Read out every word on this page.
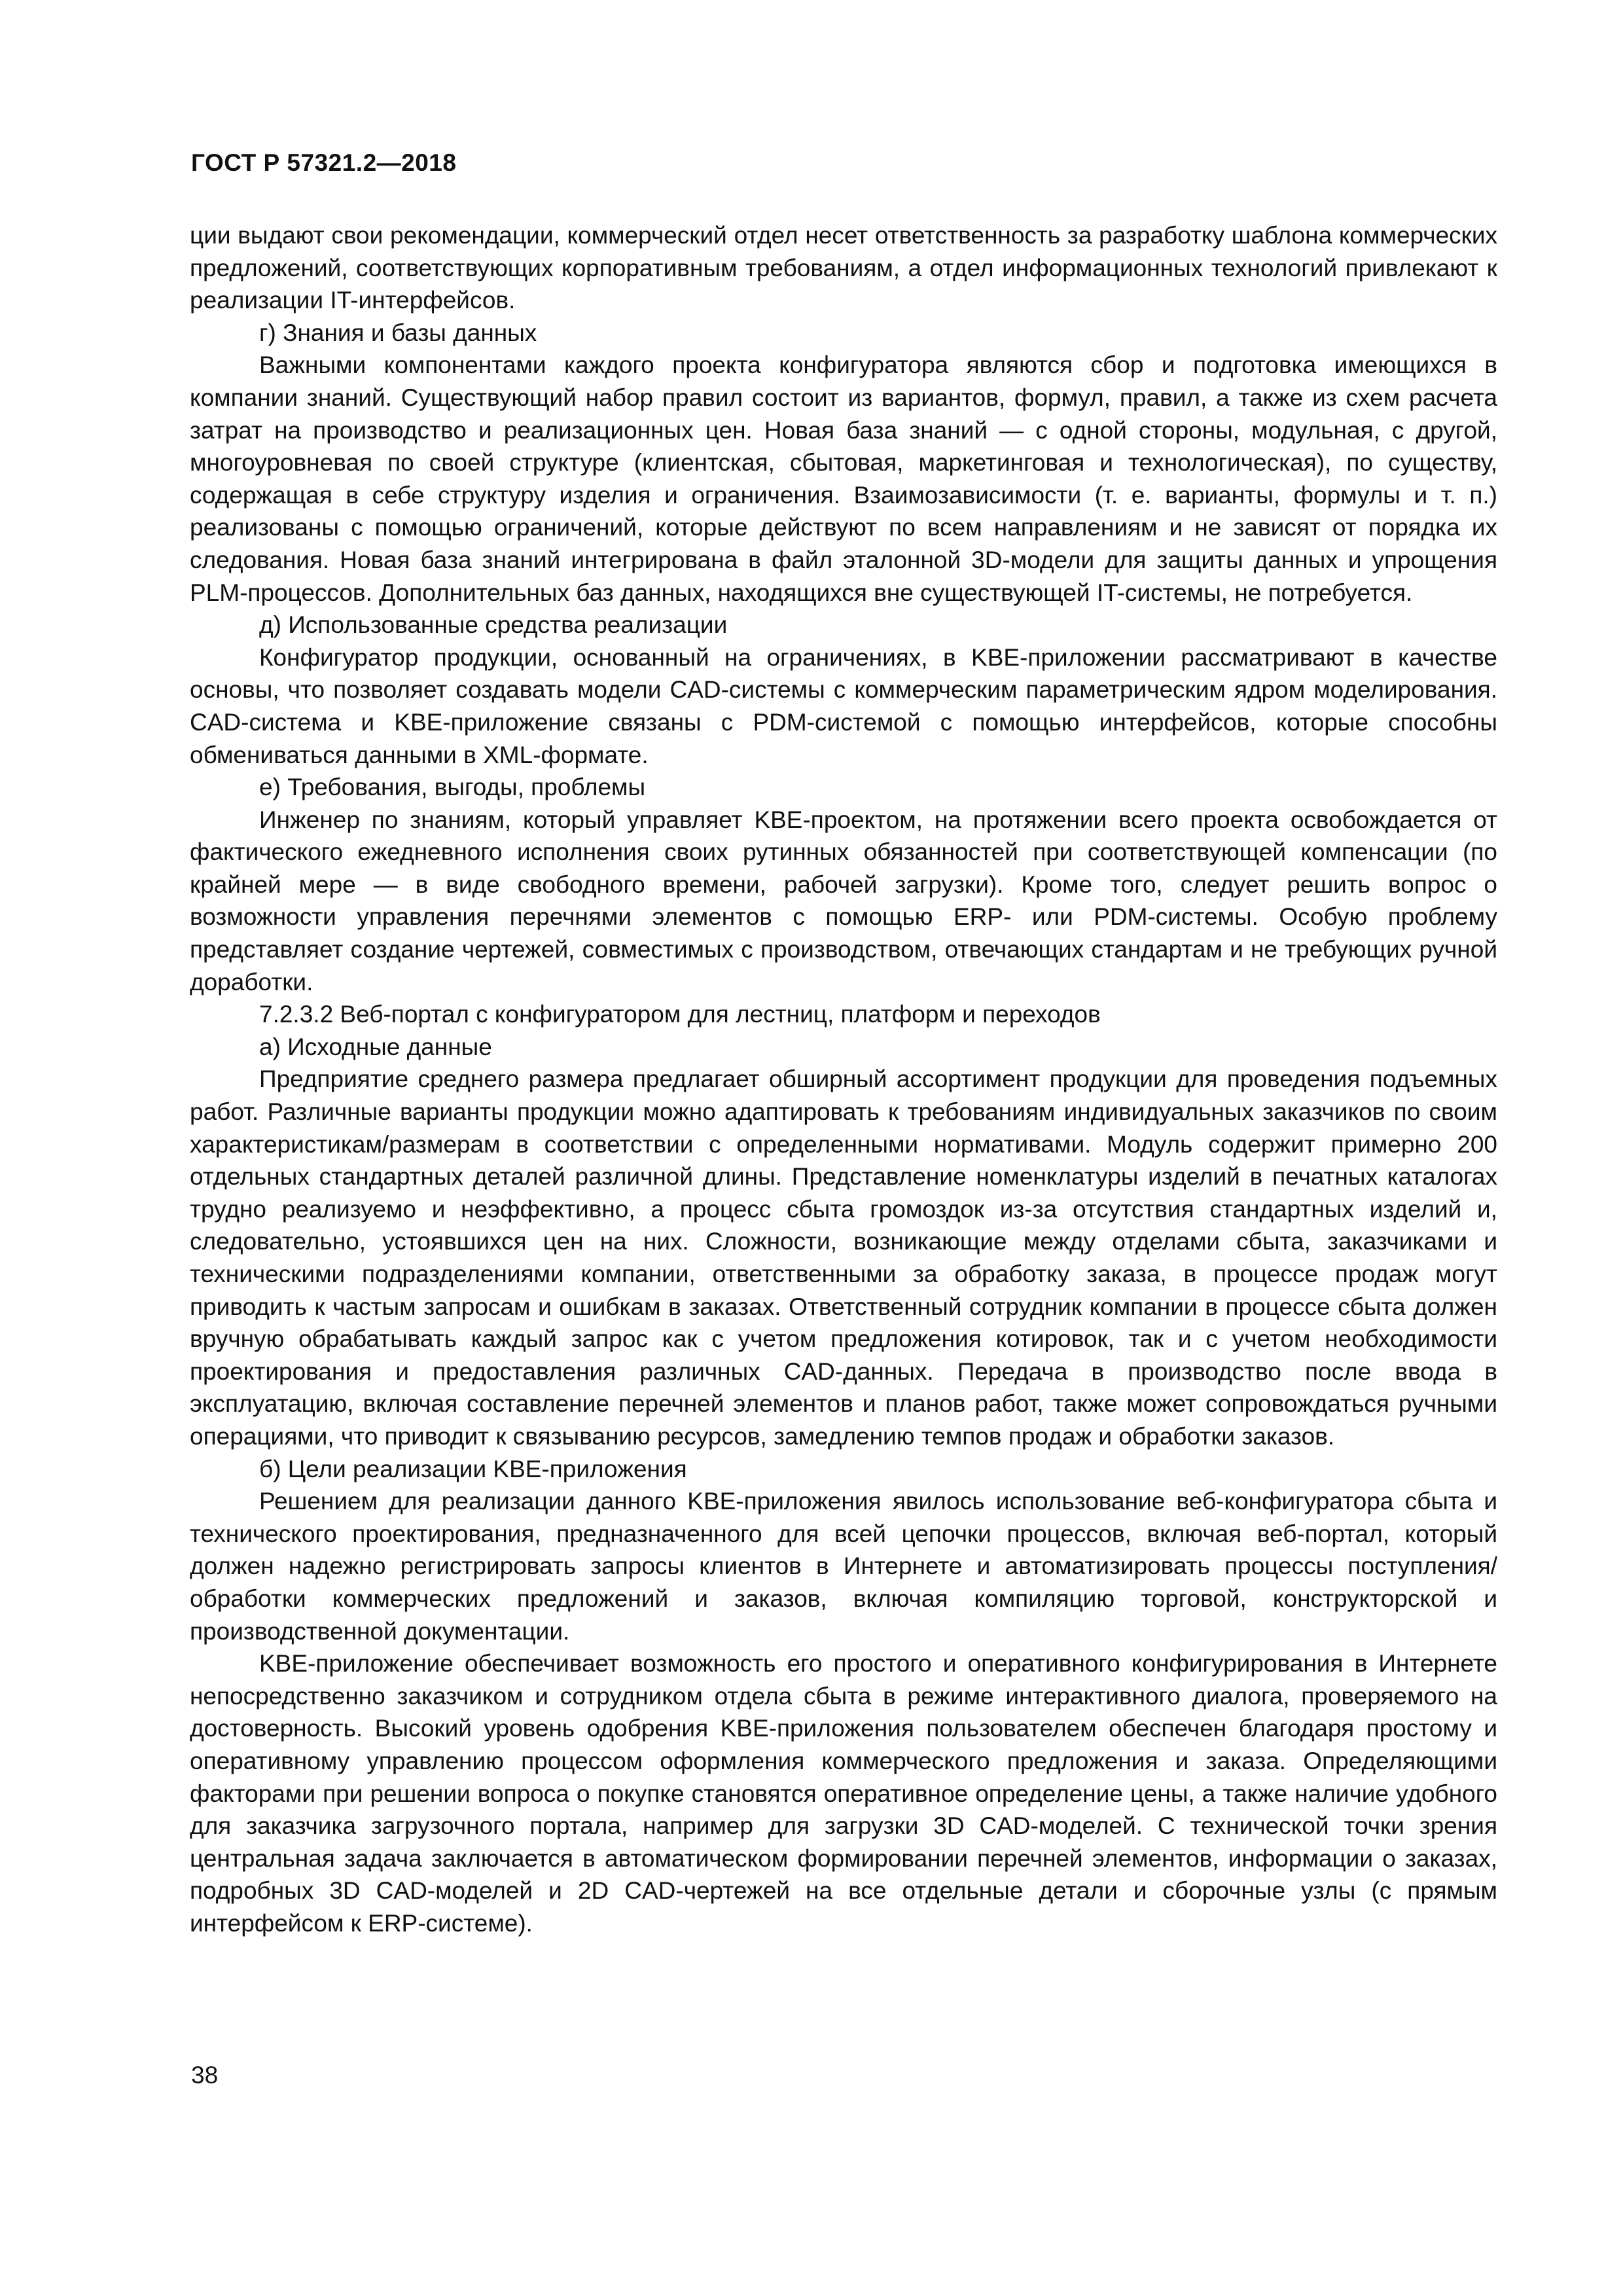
ГОСТ Р 57321.2—2018

ции выдают свои рекомендации, коммерческий отдел несет ответственность за разработку шаблона коммерческих предложений, соответствующих корпоративным требованиям, а отдел информационных технологий привлекают к реализации IT-интерфейсов.

г) Знания и базы данных

Важными компонентами каждого проекта конфигуратора являются сбор и подготовка имеющихся в компании знаний. Существующий набор правил состоит из вариантов, формул, правил, а также из схем расчета затрат на производство и реализационных цен. Новая база знаний — с одной стороны, модульная, с другой, многоуровневая по своей структуре (клиентская, сбытовая, маркетинговая и технологическая), по существу, содержащая в себе структуру изделия и ограничения. Взаимозависимости (т. е. варианты, формулы и т. п.) реализованы с помощью ограничений, которые действуют по всем направлениям и не зависят от порядка их следования. Новая база знаний интегрирована в файл эталонной 3D-модели для защиты данных и упрощения PLM-процессов. Дополнительных баз данных, находящихся вне существующей IT-системы, не потребуется.

д) Использованные средства реализации

Конфигуратор продукции, основанный на ограничениях, в KBE-приложении рассматривают в качестве основы, что позволяет создавать модели CAD-системы с коммерческим параметрическим ядром моделирования. CAD-система и KBE-приложение связаны с PDM-системой с помощью интерфейсов, которые способны обмениваться данными в XML-формате.

е) Требования, выгоды, проблемы

Инженер по знаниям, который управляет KBE-проектом, на протяжении всего проекта освобождается от фактического ежедневного исполнения своих рутинных обязанностей при соответствующей компенсации (по крайней мере — в виде свободного времени, рабочей загрузки). Кроме того, следует решить вопрос о возможности управления перечнями элементов с помощью ERP- или PDM-системы. Особую проблему представляет создание чертежей, совместимых с производством, отвечающих стандартам и не требующих ручной доработки.

7.2.3.2 Веб-портал с конфигуратором для лестниц, платформ и переходов

а) Исходные данные

Предприятие среднего размера предлагает обширный ассортимент продукции для проведения подъемных работ. Различные варианты продукции можно адаптировать к требованиям индивидуальных заказчиков по своим характеристикам/размерам в соответствии с определенными нормативами. Модуль содержит примерно 200 отдельных стандартных деталей различной длины. Представление номенклатуры изделий в печатных каталогах трудно реализуемо и неэффективно, а процесс сбыта громоздок из-за отсутствия стандартных изделий и, следовательно, устоявшихся цен на них. Сложности, возникающие между отделами сбыта, заказчиками и техническими подразделениями компании, ответственными за обработку заказа, в процессе продаж могут приводить к частым запросам и ошибкам в заказах. Ответственный сотрудник компании в процессе сбыта должен вручную обрабатывать каждый запрос как с учетом предложения котировок, так и с учетом необходимости проектирования и предоставления различных CAD-данных. Передача в производство после ввода в эксплуатацию, включая составление перечней элементов и планов работ, также может сопровождаться ручными операциями, что приводит к связыванию ресурсов, замедлению темпов продаж и обработки заказов.

б) Цели реализации KBE-приложения

Решением для реализации данного KBE-приложения явилось использование веб-конфигуратора сбыта и технического проектирования, предназначенного для всей цепочки процессов, включая веб-портал, который должен надежно регистрировать запросы клиентов в Интернете и автоматизировать процессы поступления/обработки коммерческих предложений и заказов, включая компиляцию торговой, конструкторской и производственной документации.

KBE-приложение обеспечивает возможность его простого и оперативного конфигурирования в Интернете непосредственно заказчиком и сотрудником отдела сбыта в режиме интерактивного диалога, проверяемого на достоверность. Высокий уровень одобрения KBE-приложения пользователем обеспечен благодаря простому и оперативному управлению процессом оформления коммерческого предложения и заказа. Определяющими факторами при решении вопроса о покупке становятся оперативное определение цены, а также наличие удобного для заказчика загрузочного портала, например для загрузки 3D CAD-моделей. С технической точки зрения центральная задача заключается в автоматическом формировании перечней элементов, информации о заказах, подробных 3D CAD-моделей и 2D CAD-чертежей на все отдельные детали и сборочные узлы (с прямым интерфейсом к ERP-системе).

38
